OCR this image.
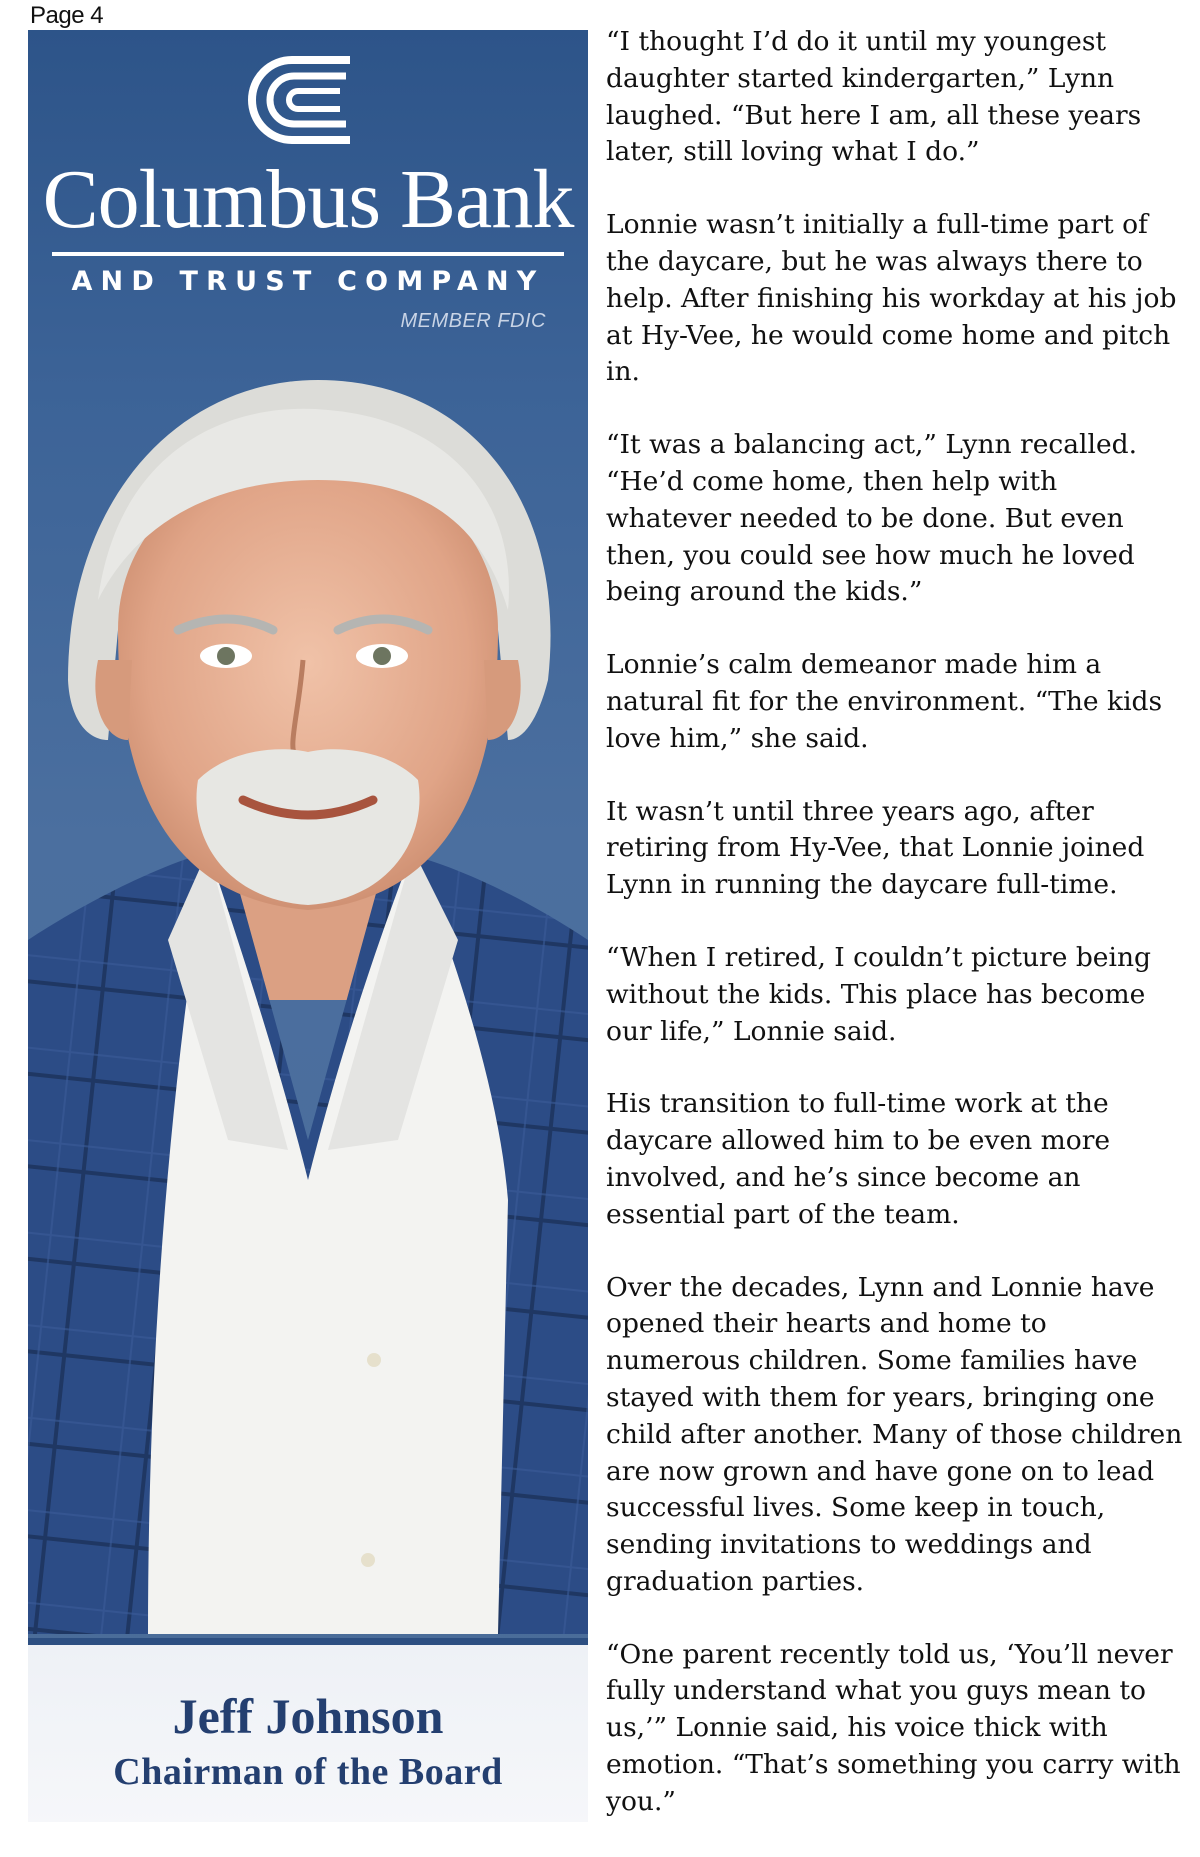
Page 4
Columbus Bank
AND TRUST COMPANY
MEMBER FDIC
Jeff Johnson
Chairman of the Board

“I thought I’d do it until my youngest daughter started kindergarten,” Lynn laughed. “But here I am, all these years later, still loving what I do.”

Lonnie wasn’t initially a full-time part of the daycare, but he was always there to help. After finishing his workday at his job at Hy-Vee, he would come home and pitch in.

“It was a balancing act,” Lynn recalled. “He’d come home, then help with whatever needed to be done. But even then, you could see how much he loved being around the kids.”

Lonnie’s calm demeanor made him a natural fit for the environment. “The kids love him,” she said.

It wasn’t until three years ago, after retiring from Hy-Vee, that Lonnie joined Lynn in running the daycare full-time.

“When I retired, I couldn’t picture being without the kids. This place has become our life,” Lonnie said.

His transition to full-time work at the daycare allowed him to be even more involved, and he’s since become an essential part of the team.

Over the decades, Lynn and Lonnie have opened their hearts and home to numerous children. Some families have stayed with them for years, bringing one child after another. Many of those children are now grown and have gone on to lead successful lives. Some keep in touch, sending invitations to weddings and graduation parties.

“One parent recently told us, ‘You’ll never fully understand what you guys mean to us,’” Lonnie said, his voice thick with emotion. “That’s something you carry with you.”
